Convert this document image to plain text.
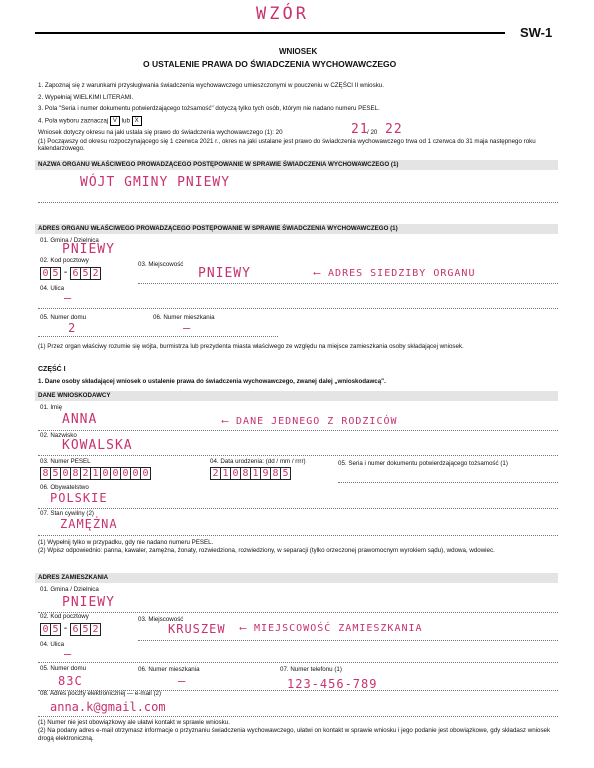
WZÓR
SW-1
WNIOSEK
O USTALENIE PRAWA DO ŚWIADCZENIA WYCHOWAWCZEGO
1. Zapoznaj się z warunkami przysługiwania świadczenia wychowawczego umieszczonymi w pouczeniu w CZĘŚCI II wniosku.
2. Wypełniaj WIELKIMI LITERAMI.
3. Pola "Seria i numer dokumentu potwierdzającego tożsamość" dotyczą tylko tych osób, którym nie nadano numeru PESEL.
4. Pola wyboru zaznaczaj V lub X
Wniosek dotyczy okresu na jaki ustala się prawo do świadczenia wychowawczego (1): 20	21
/ 20 22
(1) Począwszy od okresu rozpoczynającego się 1 czerwca 2021 r., okres na jaki ustalane jest prawo do świadczenia wychowawczego trwa od 1 czerwca do 31 maja następnego roku kalendarzowego.
NAZWA ORGANU WŁAŚCIWEGO PROWADZĄCEGO POSTĘPOWANIE W SPRAWIE ŚWIADCZENIA WYCHOWAWCZEGO (1)
WÓJT GMINY PNIEWY
ADRES ORGANU WŁAŚCIWEGO PROWADZĄCEGO POSTĘPOWANIE W SPRAWIE ŚWIADCZENIA WYCHOWAWCZEGO (1)
01. Gmina / Dzielnica
PNIEWY
02. Kod pocztowy
0 5 - 6 5 2
03. Miejscowość
PNIEWY	⟵ ADRES SIEDZIBY ORGANU
04. Ulica
–
05. Numer domu
2
06. Numer mieszkania
–
(1) Przez organ właściwy rozumie się wójta, burmistrza lub prezydenta miasta właściwego ze względu na miejsce zamieszkania osoby składającej wniosek.
CZĘŚĆ I
1. Dane osoby składającej wniosek o ustalenie prawa do świadczenia wychowawczego, zwanej dalej „wnioskodawcą".
DANE WNIOSKODAWCY
01. Imię
ANNA	⟵ DANE JEDNEGO Z RODZICÓW
02. Nazwisko
KOWALSKA
03. Numer PESEL
8 5 0 8 2 1 0 0 0 0 0
04. Data urodzenia: (dd / mm / rrrr)
2 1 0 8 1 9 8 5
05. Seria i numer dokumentu potwierdzającego tożsamość (1)
06. Obywatelstwo
POLSKIE
07. Stan cywilny (2)
ZAMĘŻNA
(1) Wypełnij tylko w przypadku, gdy nie nadano numeru PESEL.
(2) Wpisz odpowiednio: panna, kawaler, zamężna, żonaty, rozwiedziona, rozwiedziony, w separacji (tylko orzeczonej prawomocnym wyrokiem sądu), wdowa, wdowiec.
ADRES ZAMIESZKANIA
01. Gmina / Dzielnica
PNIEWY
02. Kod pocztowy
0 5 - 6 5 2
03. Miejscowość
KRUSZEW ⟵ MIEJSCOWOŚĆ ZAMIESZKANIA
04. Ulica
–
05. Numer domu
83C
06. Numer mieszkania
–
07. Numer telefonu (1)
123-456-789
08. Adres poczty elektronicznej — e-mail (2)
anna.k@gmail.com
(1) Numer nie jest obowiązkowy ale ułatwi kontakt w sprawie wniosku.
(2) Na podany adres e-mail otrzymasz informacje o przyznaniu świadczenia wychowawczego, ułatwi on kontakt w sprawie wniosku i jego podanie jest obowiązkowe, gdy składasz wniosek drogą elektroniczną.
